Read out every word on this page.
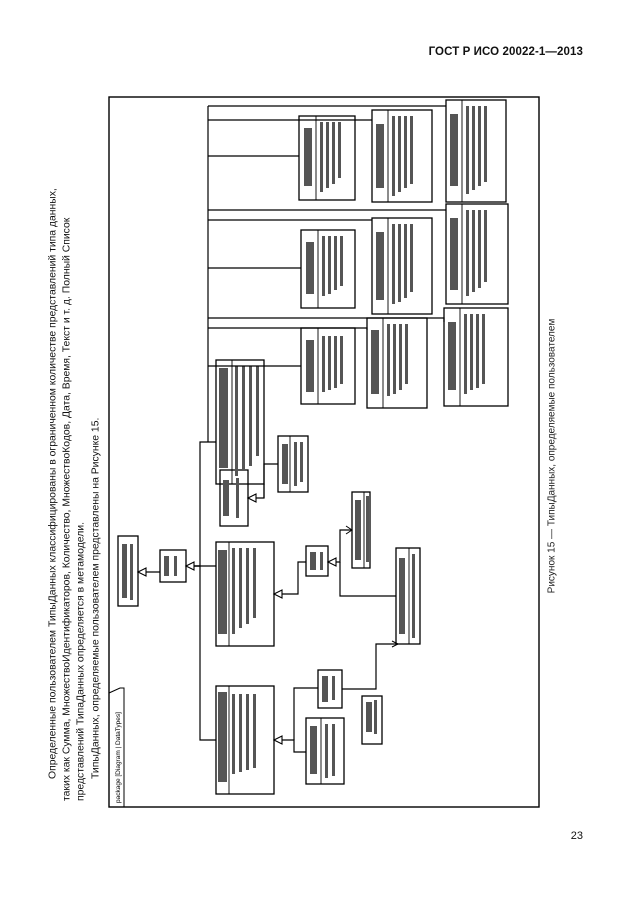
ГОСТ Р ИСО 20022-1—2013

Определенные пользователем ТипыДанных классифицированы в ограниченном количестве представлений типа данных, таких как Сумма, МножествоИдентификаторов, Количество, МножествоКодов, Дата, Время, Текст и т. д. Полный Список представлений ТипаДанных определяется в метамодели. ТипыДанных, определяемые пользователем представлены на Рисунке 15.	package [Diagram | DataTypes]
Рисунок 15 — ТипыДанных, определяемые пользователем
23
